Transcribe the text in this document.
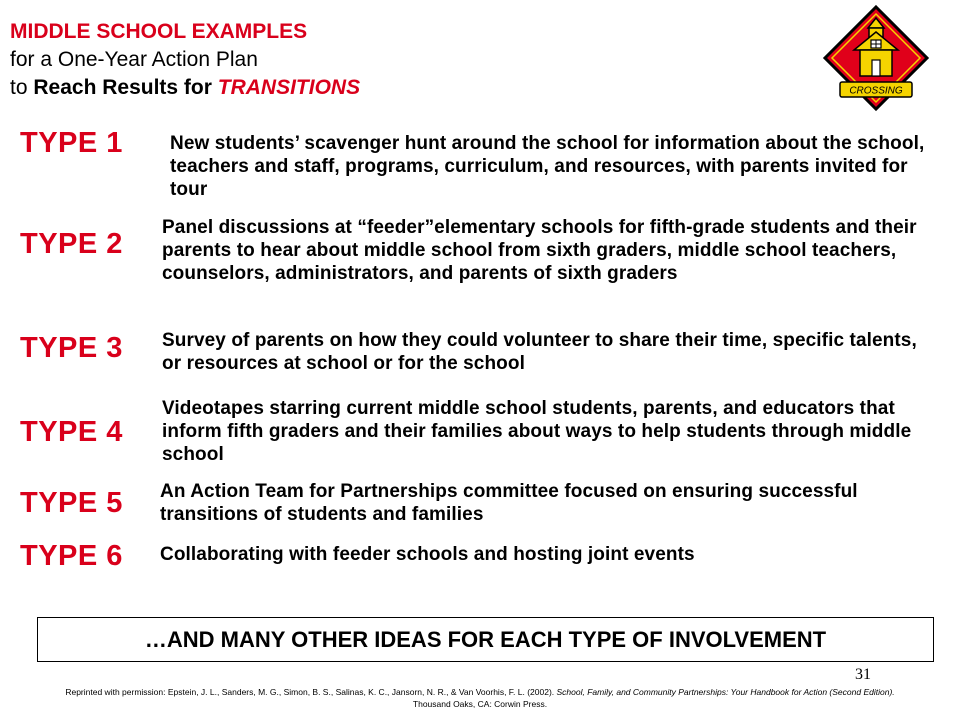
MIDDLE SCHOOL EXAMPLES
for a One-Year Action Plan
to Reach Results for TRANSITIONS	CROSSING
TYPE 1 New students’ scavenger hunt around the school for information about the school, teachers and staff, programs, curriculum, and resources, with parents invited for tour
TYPE 2
Panel discussions at “feeder”elementary schools for fifth-grade students and their parents to hear about middle school from sixth graders, middle school teachers, counselors, administrators, and parents of sixth graders
TYPE 3 Survey of parents on how they could volunteer to share their time, specific talents, or resources at school or for the school
TYPE 4
Videotapes starring current middle school students, parents, and educators that inform fifth graders and their families about ways to help students through middle school
TYPE 5 An Action Team for Partnerships committee focused on ensuring successful transitions of students and families
TYPE 6 Collaborating with feeder schools and hosting joint events
…AND MANY OTHER IDEAS FOR EACH TYPE OF INVOLVEMENT
31
Reprinted with permission: Epstein, J. L., Sanders, M. G., Simon, B. S., Salinas, K. C., Jansorn, N. R., & Van Voorhis, F. L. (2002). School, Family, and Community Partnerships: Your Handbook for Action (Second Edition).
Thousand Oaks, CA: Corwin Press.
